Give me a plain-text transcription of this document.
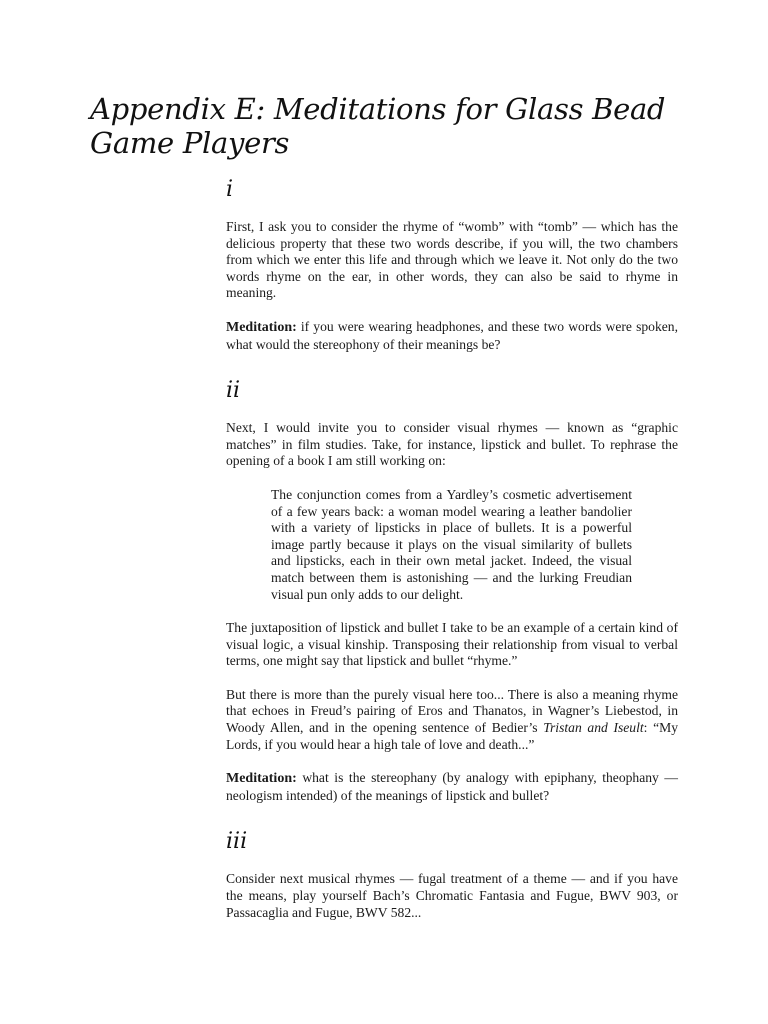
Appendix E: Meditations for Glass Bead Game Players
i

First, I ask you to consider the rhyme of “womb” with “tomb” — which has the delicious property that these two words describe, if you will, the two chambers from which we enter this life and through which we leave it. Not only do the two words rhyme on the ear, in other words, they can also be said to rhyme in meaning.

Meditation: if you were wearing headphones, and these two words were spoken, what would the stereophony of their meanings be?

ii

Next, I would invite you to consider visual rhymes — known as “graphic matches” in film studies. Take, for instance, lipstick and bullet. To rephrase the opening of a book I am still working on:

The conjunction comes from a Yardley’s cosmetic advertisement of a few years back: a woman model wearing a leather bandolier with a variety of lipsticks in place of bullets. It is a powerful image partly because it plays on the visual similarity of bullets and lipsticks, each in their own metal jacket. Indeed, the visual match between them is astonishing — and the lurking Freudian visual pun only adds to our delight.

The juxtaposition of lipstick and bullet I take to be an example of a certain kind of visual logic, a visual kinship. Transposing their relationship from visual to verbal terms, one might say that lipstick and bullet “rhyme.”

But there is more than the purely visual here too... There is also a meaning rhyme that echoes in Freud’s pairing of Eros and Thanatos, in Wagner’s Liebestod, in Woody Allen, and in the opening sentence of Bedier’s Tristan and Iseult: “My Lords, if you would hear a high tale of love and death...”

Meditation: what is the stereophany (by analogy with epiphany, theophany — neologism intended) of the meanings of lipstick and bullet?

iii

Consider next musical rhymes — fugal treatment of a theme — and if you have the means, play yourself Bach’s Chromatic Fantasia and Fugue, BWV 903, or Passacaglia and Fugue, BWV 582...
